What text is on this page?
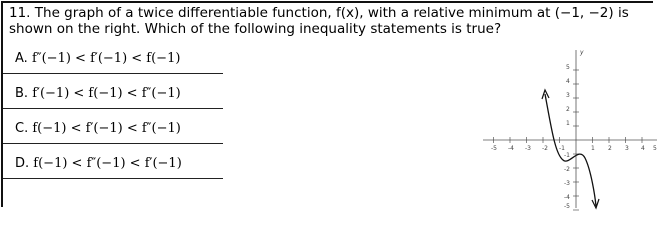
11. The graph of a twice differentiable function, f(x), with a relative minimum at (−1, −2) is
shown on the right. Which of the following inequality statements is true?

A. f″(−1) < f′(−1) < f(−1)
B. f′(−1) < f(−1) < f″(−1)
C. f(−1) < f′(−1) < f″(−1)
D. f(−1) < f″(−1) < f′(−1)
y
-5 -4 -3 -2 -1	1 2 3 4 5
5
4
3
2
1
-1
-2
-3
-4
-5
